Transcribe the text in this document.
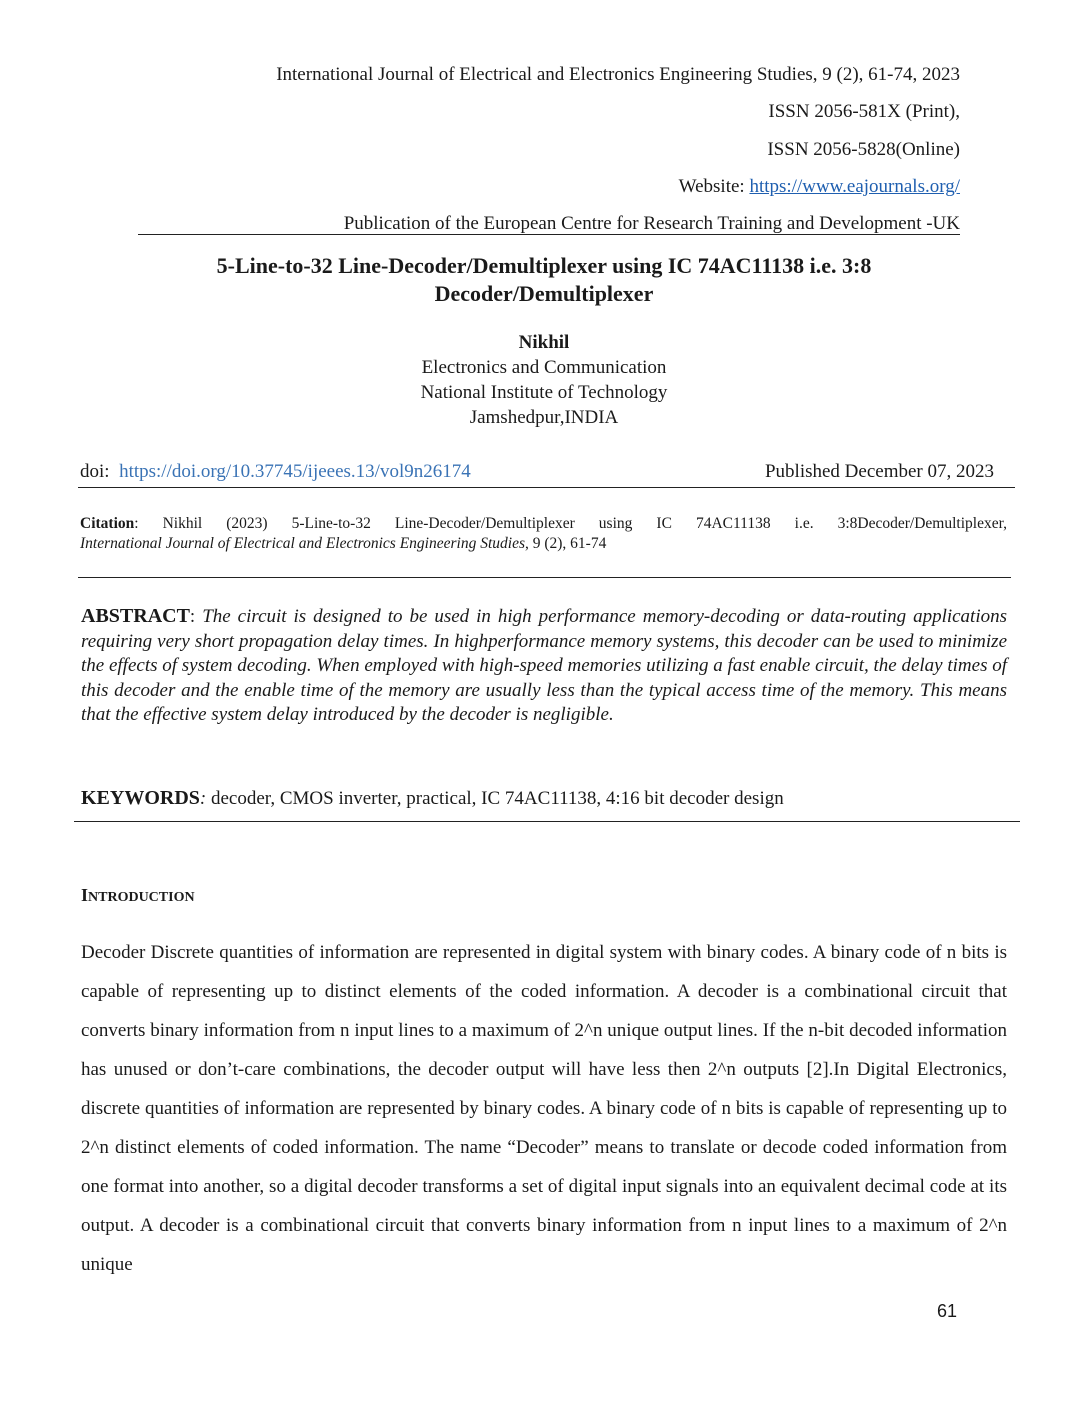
International Journal of Electrical and Electronics Engineering Studies, 9 (2), 61-74, 2023
ISSN 2056-581X (Print),
ISSN 2056-5828(Online)
Website: https://www.eajournals.org/
Publication of the European Centre for Research Training and Development -UK
5-Line-to-32 Line-Decoder/Demultiplexer using IC 74AC11138 i.e. 3:8
Decoder/Demultiplexer
Nikhil
Electronics and Communication
National Institute of Technology
Jamshedpur,INDIA
doi: https://doi.org/10.37745/ijeees.13/vol9n26174	Published December 07, 2023
Citation: Nikhil (2023) 5-Line-to-32 Line-Decoder/Demultiplexer using IC 74AC11138 i.e. 3:8Decoder/Demultiplexer,
International Journal of Electrical and Electronics Engineering Studies, 9 (2), 61-74
ABSTRACT: The circuit is designed to be used in high performance memory-decoding or data-routing applications requiring very short propagation delay times. In highperformance memory systems, this decoder can be used to minimize the effects of system decoding. When employed with high-speed memories utilizing a fast enable circuit, the delay times of this decoder and the enable time of the memory are usually less than the typical access time of the memory. This means that the effective system delay introduced by the decoder is negligible.
KEYWORDS: decoder, CMOS inverter, practical, IC 74AC11138, 4:16 bit decoder design
INTRODUCTION
Decoder Discrete quantities of information are represented in digital system with binary codes. A binary code of n bits is capable of representing up to distinct elements of the coded information. A decoder is a combinational circuit that converts binary information from n input lines to a maximum of 2^n unique output lines. If the n-bit decoded information has unused or don’t-care combinations, the decoder output will have less then 2^n outputs [2].In Digital Electronics, discrete quantities of information are represented by binary codes. A binary code of n bits is capable of representing up to 2^n distinct elements of coded information. The name “Decoder” means to translate or decode coded information from one format into another, so a digital decoder transforms a set of digital input signals into an equivalent decimal code at its output. A decoder is a combinational circuit that converts binary information from n input lines to a maximum of 2^n unique
61
